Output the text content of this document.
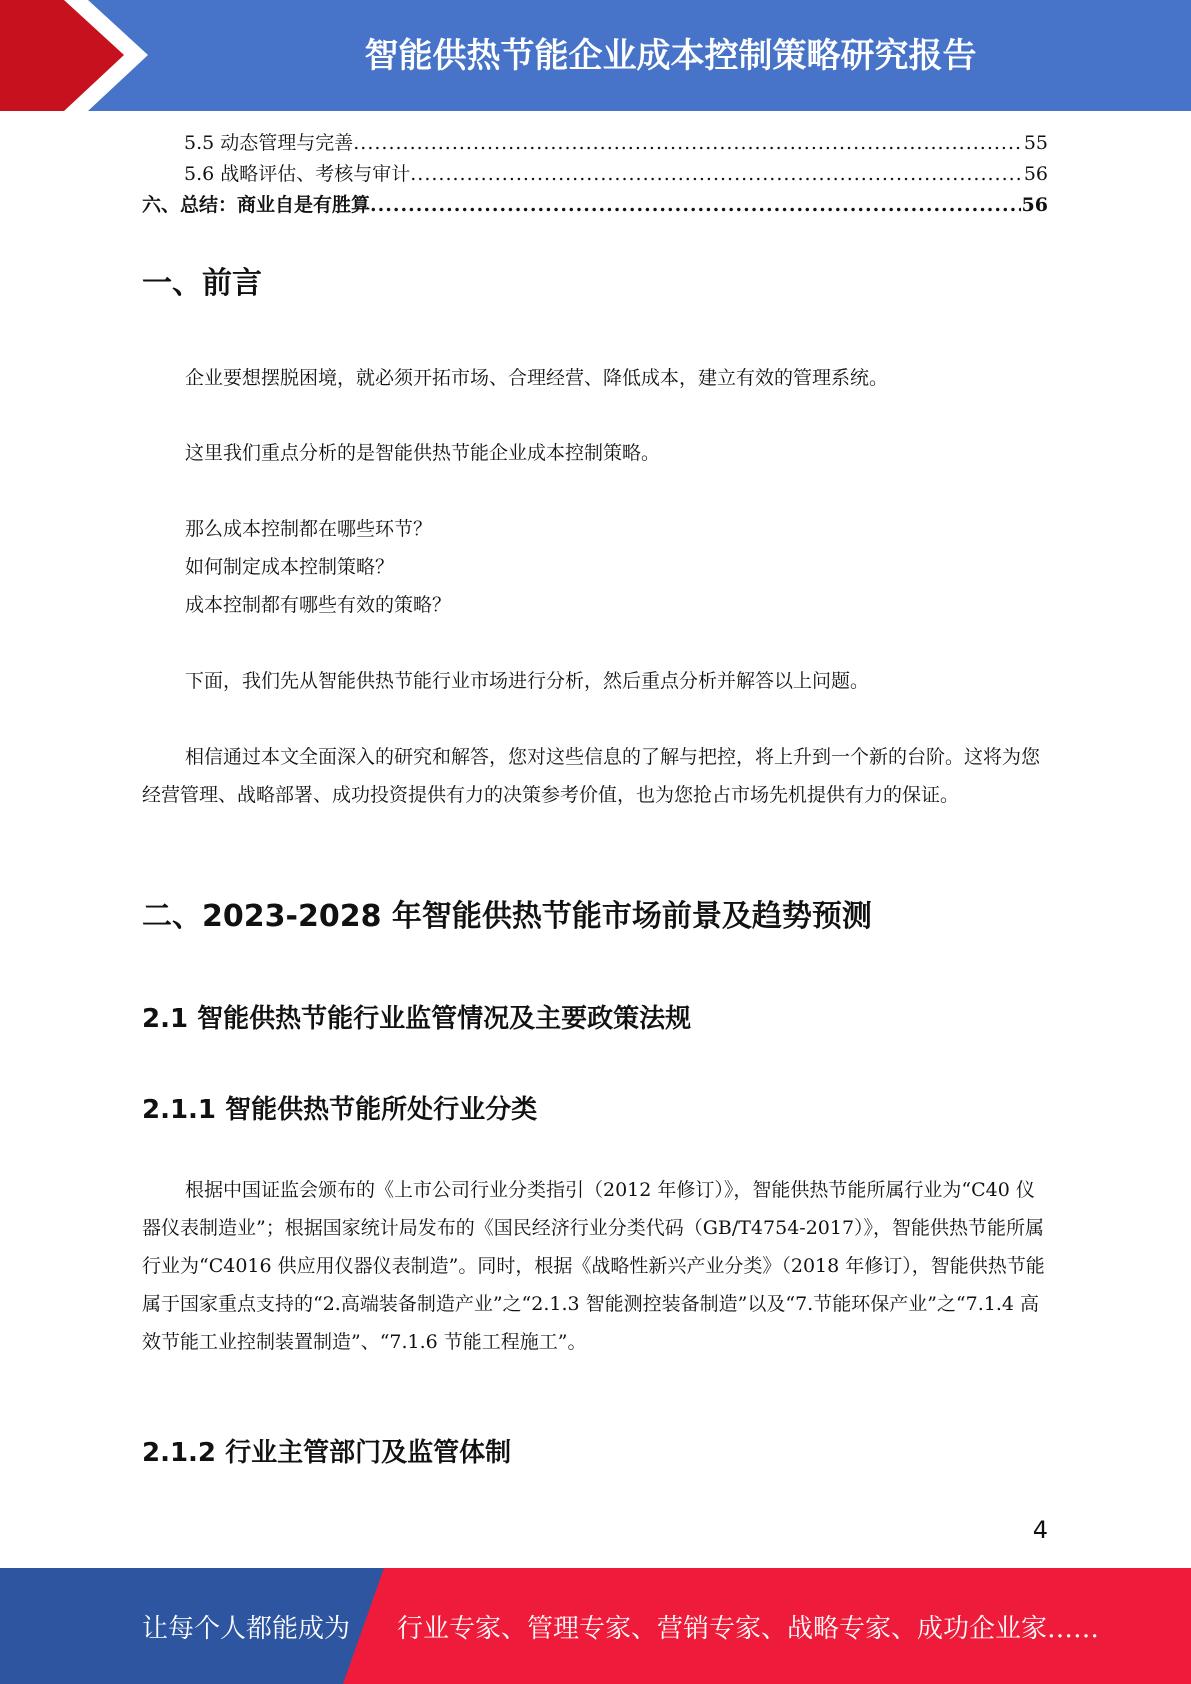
智能供热节能企业成本控制策略研究报告
5.5 动态管理与完善 .....	55
5.6 战略评估、考核与审计 .....	56
六、总结：商业自是有胜算 .....	56
一、前言
企业要想摆脱困境，就必须开拓市场、合理经营、降低成本，建立有效的管理系统。
这里我们重点分析的是智能供热节能企业成本控制策略。
那么成本控制都在哪些环节？
如何制定成本控制策略？
成本控制都有哪些有效的策略？
下面，我们先从智能供热节能行业市场进行分析，然后重点分析并解答以上问题。
相信通过本文全面深入的研究和解答，您对这些信息的了解与把控，将上升到一个新的台阶。这将为您经营管理、战略部署、成功投资提供有力的决策参考价值，也为您抢占市场先机提供有力的保证。
二、2023-2028 年智能供热节能市场前景及趋势预测
2.1 智能供热节能行业监管情况及主要政策法规
2.1.1 智能供热节能所处行业分类
根据中国证监会颁布的《上市公司行业分类指引（2012 年修订）》，智能供热节能所属行业为“C40 仪器仪表制造业”；根据国家统计局发布的《国民经济行业分类代码（GB/T4754-2017）》，智能供热节能所属行业为“C4016 供应用仪器仪表制造”。同时，根据《战略性新兴产业分类》（2018 年修订），智能供热节能属于国家重点支持的“2.高端装备制造产业”之“2.1.3 智能测控装备制造”以及“7.节能环保产业”之“7.1.4 高效节能工业控制装置制造”、“7.1.6 节能工程施工”。
2.1.2 行业主管部门及监管体制
4
让每个人都能成为 行业专家、管理专家、营销专家、战略专家、成功企业家……
